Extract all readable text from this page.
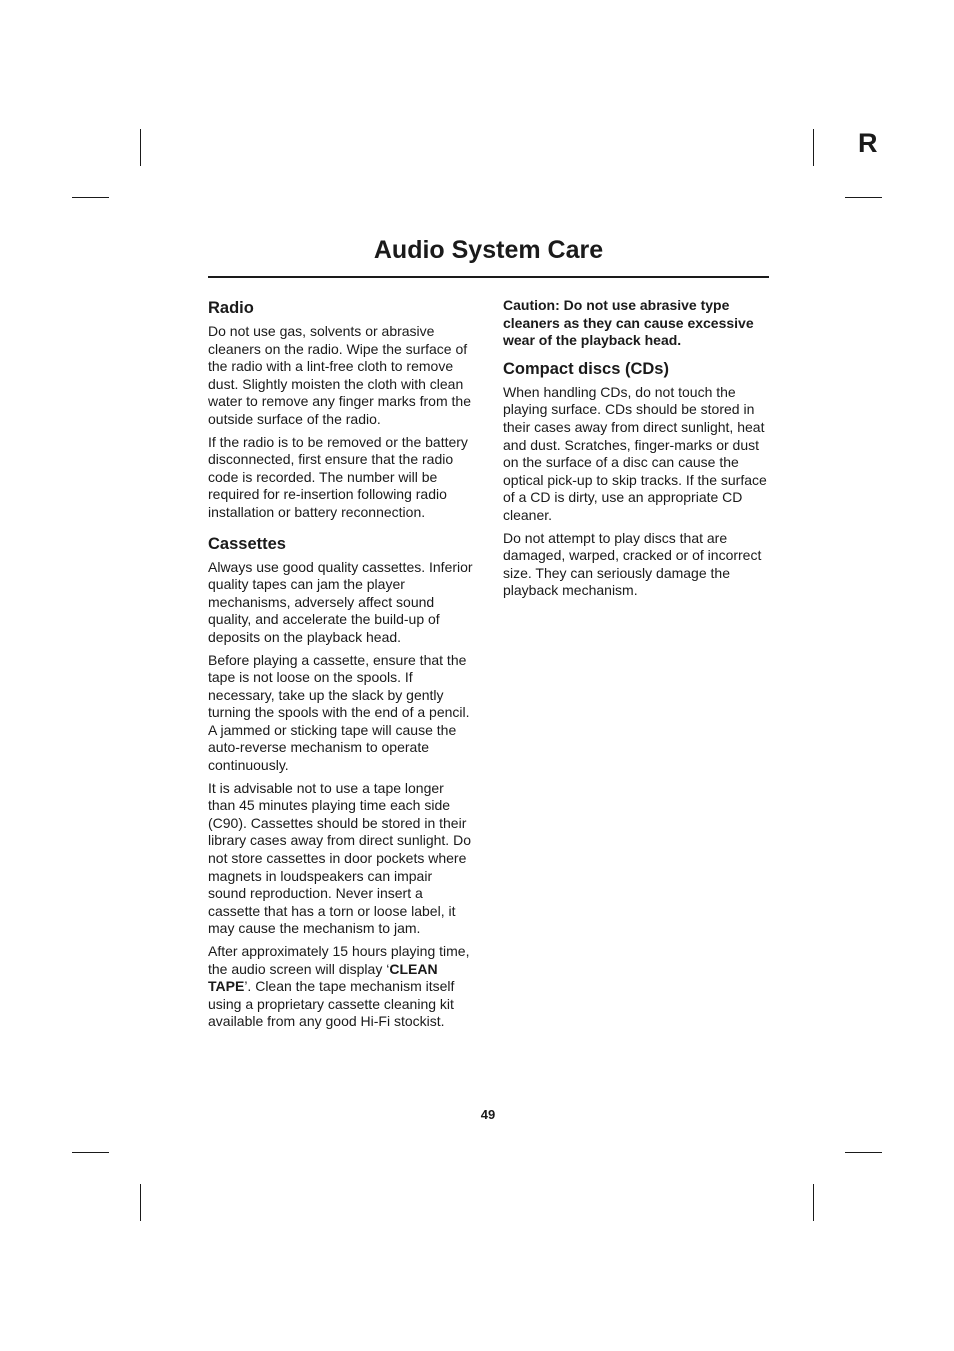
R
Audio System Care
Radio

Do not use gas, solvents or abrasive cleaners on the radio. Wipe the surface of the radio with a lint-free cloth to remove dust. Slightly moisten the cloth with clean water to remove any finger marks from the outside surface of the radio.

If the radio is to be removed or the battery disconnected, first ensure that the radio code is recorded. The number will be required for re-insertion following radio installation or battery reconnection.

Cassettes

Always use good quality cassettes. Inferior quality tapes can jam the player mechanisms, adversely affect sound quality, and accelerate the build-up of deposits on the playback head.

Before playing a cassette, ensure that the tape is not loose on the spools. If necessary, take up the slack by gently turning the spools with the end of a pencil. A jammed or sticking tape will cause the auto-reverse mechanism to operate continuously.

It is advisable not to use a tape longer than 45 minutes playing time each side (C90). Cassettes should be stored in their library cases away from direct sunlight. Do not store cassettes in door pockets where magnets in loudspeakers can impair sound reproduction. Never insert a cassette that has a torn or loose label, it may cause the mechanism to jam.

After approximately 15 hours playing time, the audio screen will display ‘CLEAN TAPE’. Clean the tape mechanism itself using a proprietary cassette cleaning kit available from any good Hi-Fi stockist.

Caution: Do not use abrasive type cleaners as they can cause excessive wear of the playback head.

Compact discs (CDs)

When handling CDs, do not touch the playing surface. CDs should be stored in their cases away from direct sunlight, heat and dust. Scratches, finger-marks or dust on the surface of a disc can cause the optical pick-up to skip tracks. If the surface of a CD is dirty, use an appropriate CD cleaner.

Do not attempt to play discs that are damaged, warped, cracked or of incorrect size. They can seriously damage the playback mechanism.

49
